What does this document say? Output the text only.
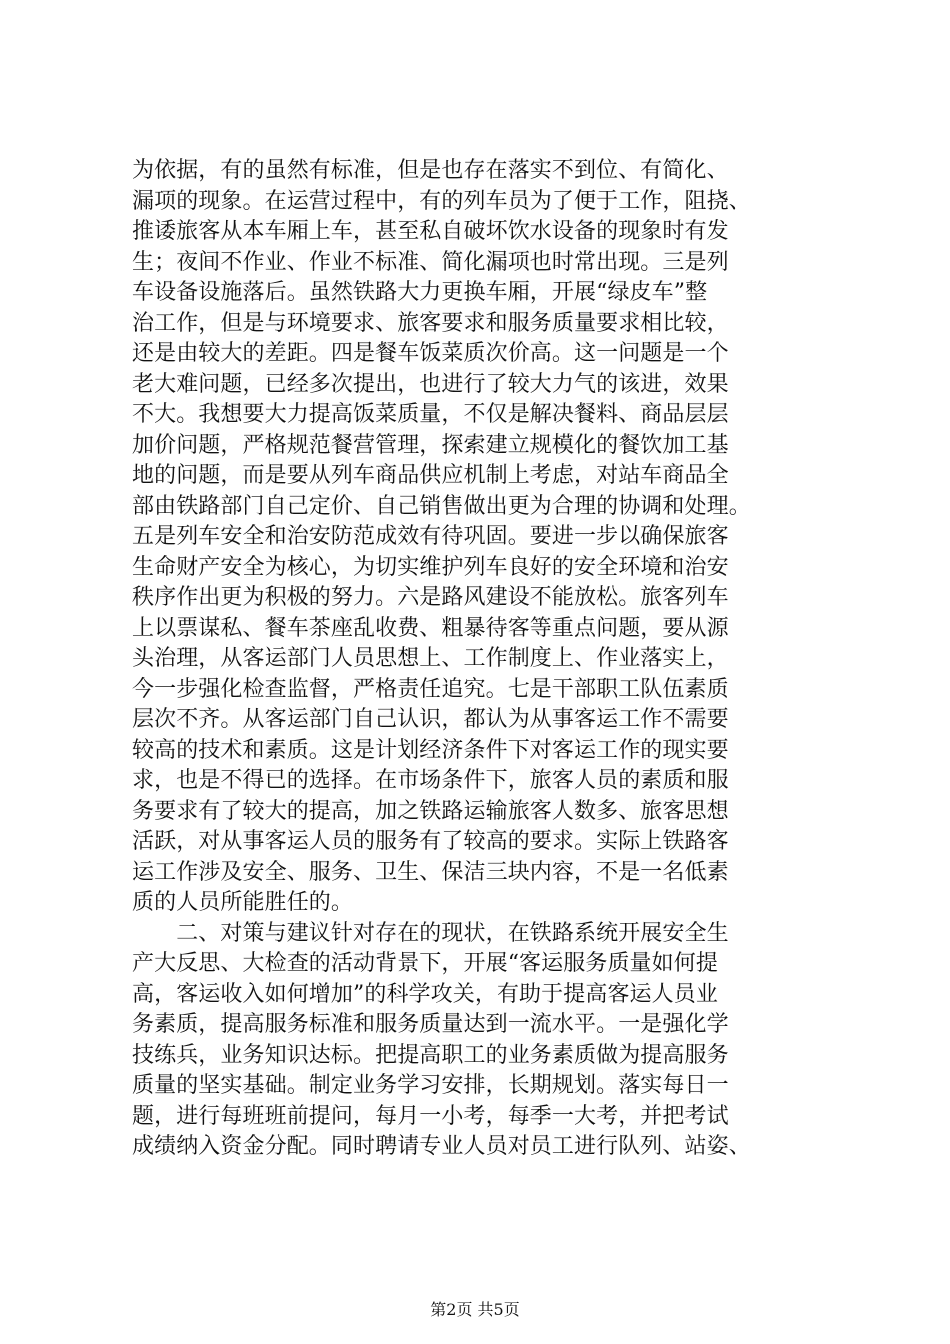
为依据，有的虽然有标准，但是也存在落实不到位、有简化、
漏项的现象。在运营过程中，有的列车员为了便于工作，阻挠、
推诿旅客从本车厢上车，甚至私自破坏饮水设备的现象时有发
生；夜间不作业、作业不标准、简化漏项也时常出现。三是列
车设备设施落后。虽然铁路大力更换车厢，开展“绿皮车”整
治工作，但是与环境要求、旅客要求和服务质量要求相比较，
还是由较大的差距。四是餐车饭菜质次价高。这一问题是一个
老大难问题，已经多次提出，也进行了较大力气的该进，效果
不大。我想要大力提高饭菜质量，不仅是解决餐料、商品层层
加价问题，严格规范餐营管理，探索建立规模化的餐饮加工基
地的问题，而是要从列车商品供应机制上考虑，对站车商品全
部由铁路部门自己定价、自己销售做出更为合理的协调和处理。
五是列车安全和治安防范成效有待巩固。要进一步以确保旅客
生命财产安全为核心，为切实维护列车良好的安全环境和治安
秩序作出更为积极的努力。六是路风建设不能放松。旅客列车
上以票谋私、餐车茶座乱收费、粗暴待客等重点问题，要从源
头治理，从客运部门人员思想上、工作制度上、作业落实上，
今一步强化检查监督，严格责任追究。七是干部职工队伍素质
层次不齐。从客运部门自己认识，都认为从事客运工作不需要
较高的技术和素质。这是计划经济条件下对客运工作的现实要
求，也是不得已的选择。在市场条件下，旅客人员的素质和服
务要求有了较大的提高，加之铁路运输旅客人数多、旅客思想
活跃，对从事客运人员的服务有了较高的要求。实际上铁路客
运工作涉及安全、服务、卫生、保洁三块内容，不是一名低素
质的人员所能胜任的。
　　二、对策与建议针对存在的现状，在铁路系统开展安全生
产大反思、大检查的活动背景下，开展“客运服务质量如何提
高，客运收入如何增加”的科学攻关，有助于提高客运人员业
务素质，提高服务标准和服务质量达到一流水平。一是强化学
技练兵，业务知识达标。把提高职工的业务素质做为提高服务
质量的坚实基础。制定业务学习安排，长期规划。落实每日一
题，进行每班班前提问，每月一小考，每季一大考，并把考试
成绩纳入资金分配。同时聘请专业人员对员工进行队列、站姿、
第2页 共5页
